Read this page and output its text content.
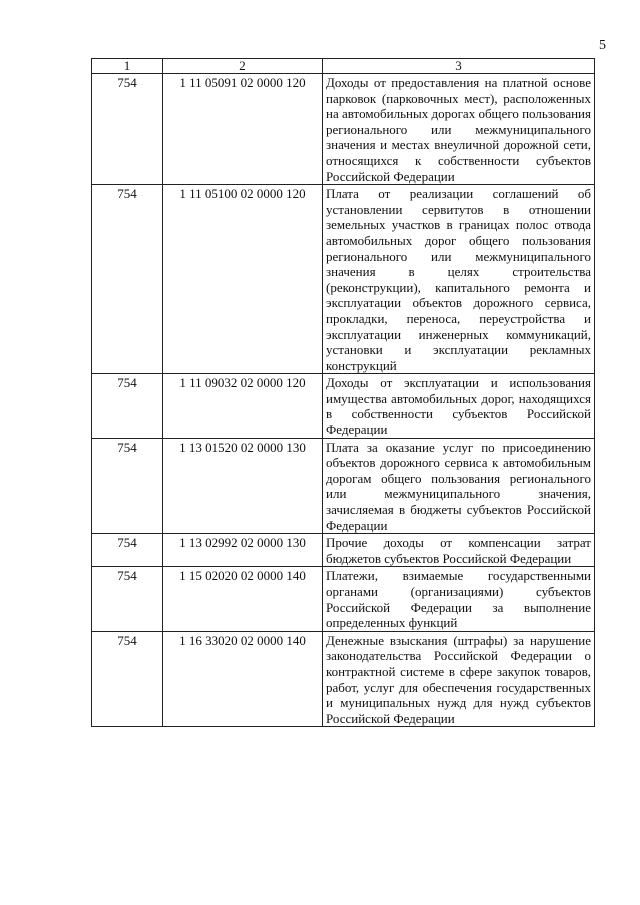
5
1	2	3
754	1 11 05091 02 0000 120	Доходы от предоставления на платной основе парковок (парковочных мест), расположенных на автомобильных дорогах общего пользования регионального или межмуниципального значения и местах внеуличной дорожной сети, относящихся к собственности субъектов Российской Федерации
754	1 11 05100 02 0000 120	Плата от реализации соглашений об установлении сервитутов в отношении земельных участков в границах полос отвода автомобильных дорог общего пользования регионального или межмуниципального значения в целях строительства (реконструкции), капитального ремонта и эксплуатации объектов дорожного сервиса, прокладки, переноса, переустройства и эксплуатации инженерных коммуникаций, установки и эксплуатации рекламных конструкций
754	1 11 09032 02 0000 120	Доходы от эксплуатации и использования имущества автомобильных дорог, находящихся в собственности субъектов Российской Федерации
754	1 13 01520 02 0000 130	Плата за оказание услуг по присоединению объектов дорожного сервиса к автомобильным дорогам общего пользования регионального или межмуниципального значения, зачисляемая в бюджеты субъектов Российской Федерации
754	1 13 02992 02 0000 130	Прочие доходы от компенсации затрат бюджетов субъектов Российской Федерации
754	1 15 02020 02 0000 140	Платежи, взимаемые государственными органами (организациями) субъектов Российской Федерации за выполнение определенных функций
754	1 16 33020 02 0000 140	Денежные взыскания (штрафы) за нарушение законодательства Российской Федерации о контрактной системе в сфере закупок товаров, работ, услуг для обеспечения государственных и муниципальных нужд для нужд субъектов Российской Федерации
